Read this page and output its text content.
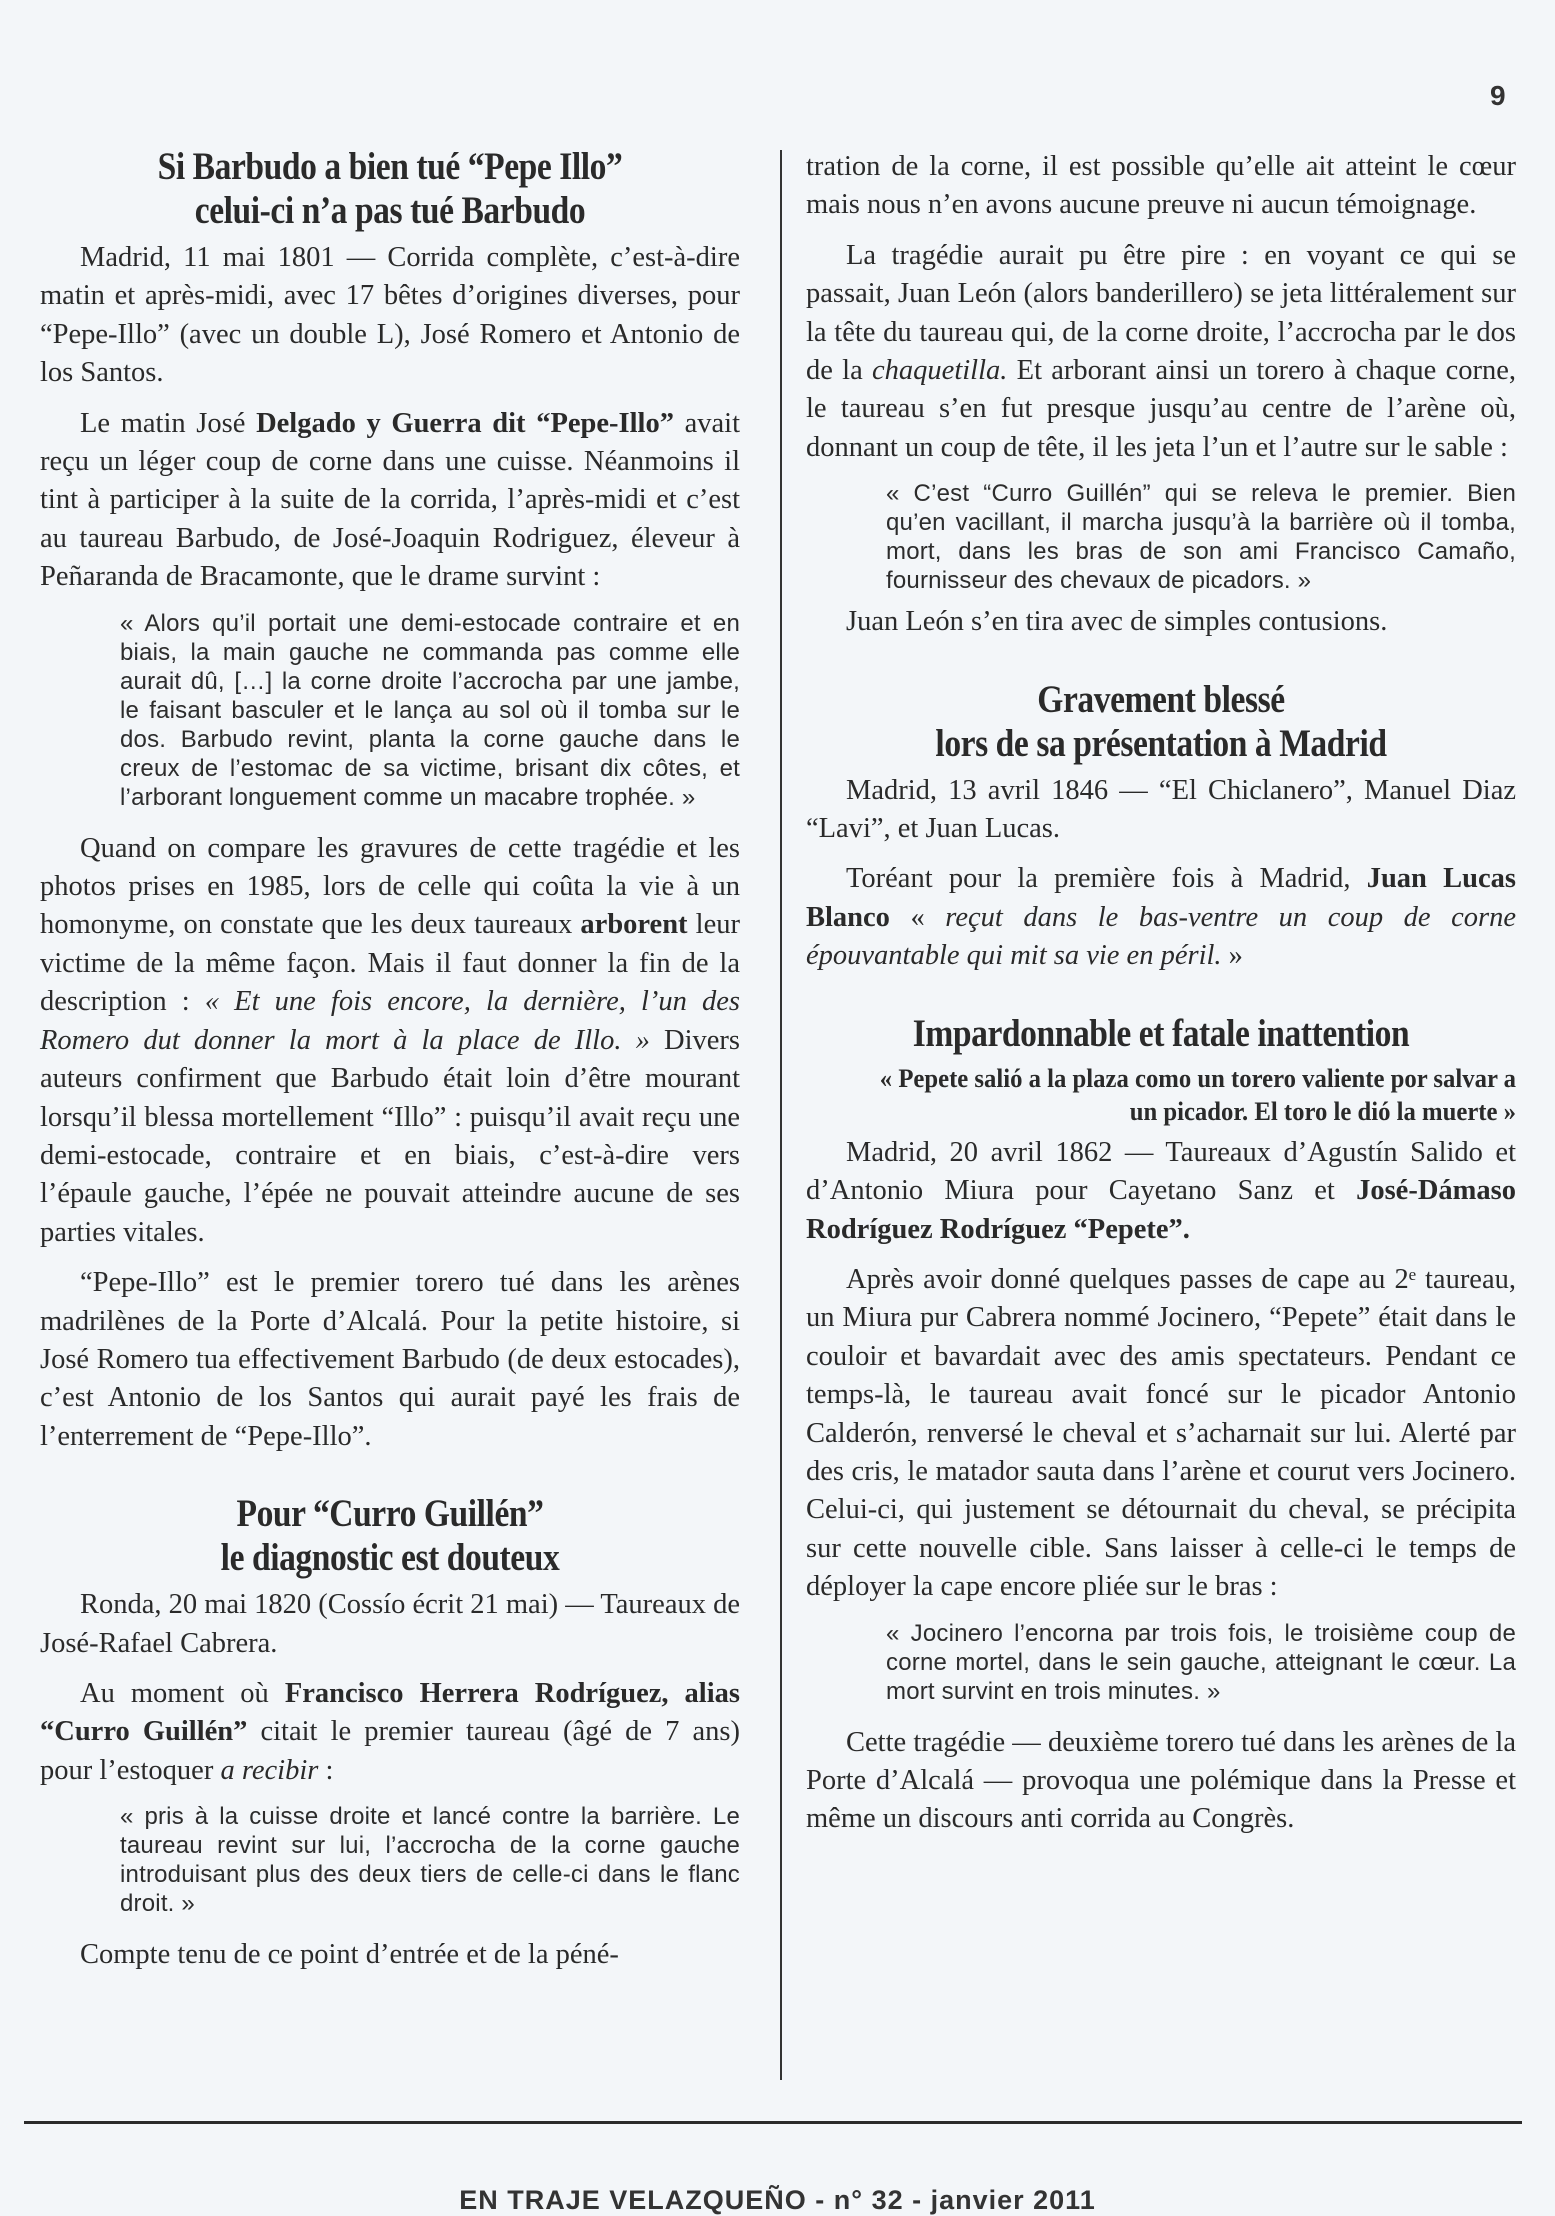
9
Si Barbudo a bien tué “Pepe Illo”
celui-ci n’a pas tué Barbudo

Madrid, 11 mai 1801 — Corrida complète, c’est-à-dire matin et après-midi, avec 17 bêtes d’origines diverses, pour “Pepe-Illo” (avec un double L), José Romero et Antonio de los Santos.

Le matin José Delgado y Guerra dit “Pepe-Illo” avait reçu un léger coup de corne dans une cuisse. Néanmoins il tint à participer à la suite de la corrida, l’après-midi et c’est au taureau Barbudo, de José-Joaquin Rodriguez, éleveur à Peñaranda de Bracamonte, que le drame survint :

« Alors qu’il portait une demi-estocade contraire et en biais, la main gauche ne commanda pas comme elle aurait dû, […] la corne droite l’accrocha par une jambe, le faisant basculer et le lança au sol où il tomba sur le dos. Barbudo revint, planta la corne gauche dans le creux de l’estomac de sa victime, brisant dix côtes, et l’arborant longuement comme un macabre trophée. »

Quand on compare les gravures de cette tragédie et les photos prises en 1985, lors de celle qui coûta la vie à un homonyme, on constate que les deux taureaux arborent leur victime de la même façon. Mais il faut donner la fin de la description : « Et une fois encore, la dernière, l’un des Romero dut donner la mort à la place de Illo. » Divers auteurs confirment que Barbudo était loin d’être mourant lorsqu’il blessa mortellement “Illo” : puisqu’il avait reçu une demi-estocade, contraire et en biais, c’est-à-dire vers l’épaule gauche, l’épée ne pouvait atteindre aucune de ses parties vitales.

“Pepe-Illo” est le premier torero tué dans les arènes madrilènes de la Porte d’Alcalá. Pour la petite histoire, si José Romero tua effectivement Barbudo (de deux estocades), c’est Antonio de los Santos qui aurait payé les frais de l’enterrement de “Pepe-Illo”.

Pour “Curro Guillén”
le diagnostic est douteux

Ronda, 20 mai 1820 (Cossío écrit 21 mai) — Taureaux de José-Rafael Cabrera.

Au moment où Francisco Herrera Rodríguez, alias “Curro Guillén” citait le premier taureau (âgé de 7 ans) pour l’estoquer a recibir :

« pris à la cuisse droite et lancé contre la barrière. Le taureau revint sur lui, l’accrocha de la corne gauche introduisant plus des deux tiers de celle-ci dans le flanc droit. »

Compte tenu de ce point d’entrée et de la péné-

tration de la corne, il est possible qu’elle ait atteint le cœur mais nous n’en avons aucune preuve ni aucun témoignage.

La tragédie aurait pu être pire : en voyant ce qui se passait, Juan León (alors banderillero) se jeta littéralement sur la tête du taureau qui, de la corne droite, l’accrocha par le dos de la chaquetilla. Et arborant ainsi un torero à chaque corne, le taureau s’en fut presque jusqu’au centre de l’arène où, donnant un coup de tête, il les jeta l’un et l’autre sur le sable :

« C’est “Curro Guillén” qui se releva le premier. Bien qu’en vacillant, il marcha jusqu’à la barrière où il tomba, mort, dans les bras de son ami Francisco Camaño, fournisseur des chevaux de picadors. »

Juan León s’en tira avec de simples contusions.

Gravement blessé
lors de sa présentation à Madrid

Madrid, 13 avril 1846 — “El Chiclanero”, Manuel Diaz “Lavi”, et Juan Lucas.

Toréant pour la première fois à Madrid, Juan Lucas Blanco « reçut dans le bas-ventre un coup de corne épouvantable qui mit sa vie en péril. »

Impardonnable et fatale inattention
« Pepete salió a la plaza como un torero valiente por salvar a un picador. El toro le dió la muerte »

Madrid, 20 avril 1862 — Taureaux d’Agustín Salido et d’Antonio Miura pour Cayetano Sanz et José-Dámaso Rodríguez Rodríguez “Pepete”.

Après avoir donné quelques passes de cape au 2ᵉ taureau, un Miura pur Cabrera nommé Jocinero, “Pepete” était dans le couloir et bavardait avec des amis spectateurs. Pendant ce temps-là, le taureau avait foncé sur le picador Antonio Calderón, renversé le cheval et s’acharnait sur lui. Alerté par des cris, le matador sauta dans l’arène et courut vers Jocinero. Celui-ci, qui justement se détournait du cheval, se précipita sur cette nouvelle cible. Sans laisser à celle-ci le temps de déployer la cape encore pliée sur le bras :

« Jocinero l’encorna par trois fois, le troisième coup de corne mortel, dans le sein gauche, atteignant le cœur. La mort survint en trois minutes. »

Cette tragédie — deuxième torero tué dans les arènes de la Porte d’Alcalá — provoqua une polémique dans la Presse et même un discours anti corrida au Congrès.

EN TRAJE VELAZQUEÑO - n° 32 - janvier 2011
